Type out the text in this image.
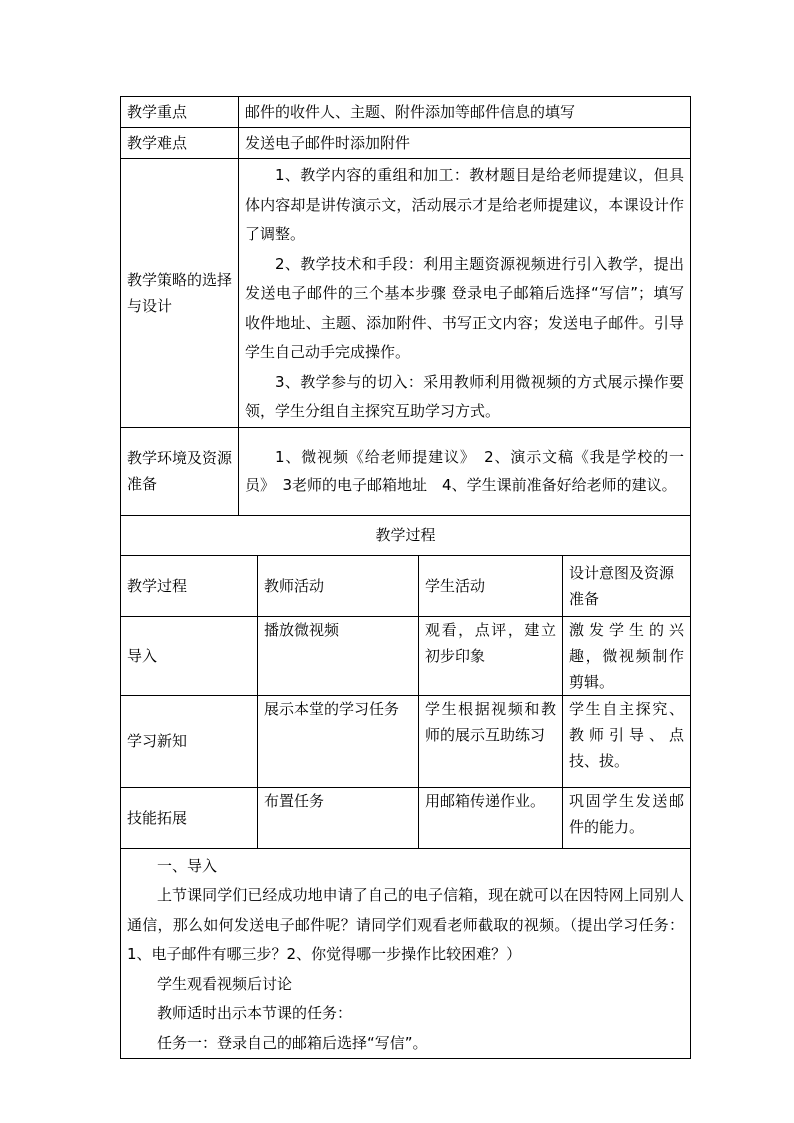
教学重点	邮件的收件人、主题、附件添加等邮件信息的填写			
教学难点	发送电子邮件时添加附件			
教学策略的选择与设计	1、教学内容的重组和加工：教材题目是给老师提建议，但具体内容却是讲传演示文，活动展示才是给老师提建议，本课设计作了调整。

2、教学技术和手段：利用主题资源视频进行引入教学，提出发送电子邮件的三个基本步骤 登录电子邮箱后选择“写信”；填写收件地址、主题、添加附件、书写正文内容；发送电子邮件。引导学生自己动手完成操作。

3、教学参与的切入：采用教师利用微视频的方式展示操作要领，学生分组自主探究互助学习方式。			

教学环境及资源准备	1、微视频《给老师提建议》　2、演示文稿《我是学校的一员》　3老师的电子邮箱地址　4、学生课前准备好给老师的建议。			
教学过程				
教学过程		教师活动	学生活动	设计意图及资源准备
导入		播放微视频	观看，点评，建立初步印象	激发学生的兴趣，微视频制作剪辑。
学习新知		展示本堂的学习任务	学生根据视频和教师的展示互助练习	学生自主探究、教师引导、点技、拔。
技能拓展		布置任务	用邮箱传递作业。	巩固学生发送邮件的能力。

一、导入

上节课同学们已经成功地申请了自己的电子信箱，现在就可以在因特网上同别人通信，那么如何发送电子邮件呢？请同学们观看老师截取的视频。（提出学习任务：1、电子邮件有哪三步？2、你觉得哪一步操作比较困难？）

学生观看视频后讨论

教师适时出示本节课的任务：

任务一：登录自己的邮箱后选择“写信”。				
